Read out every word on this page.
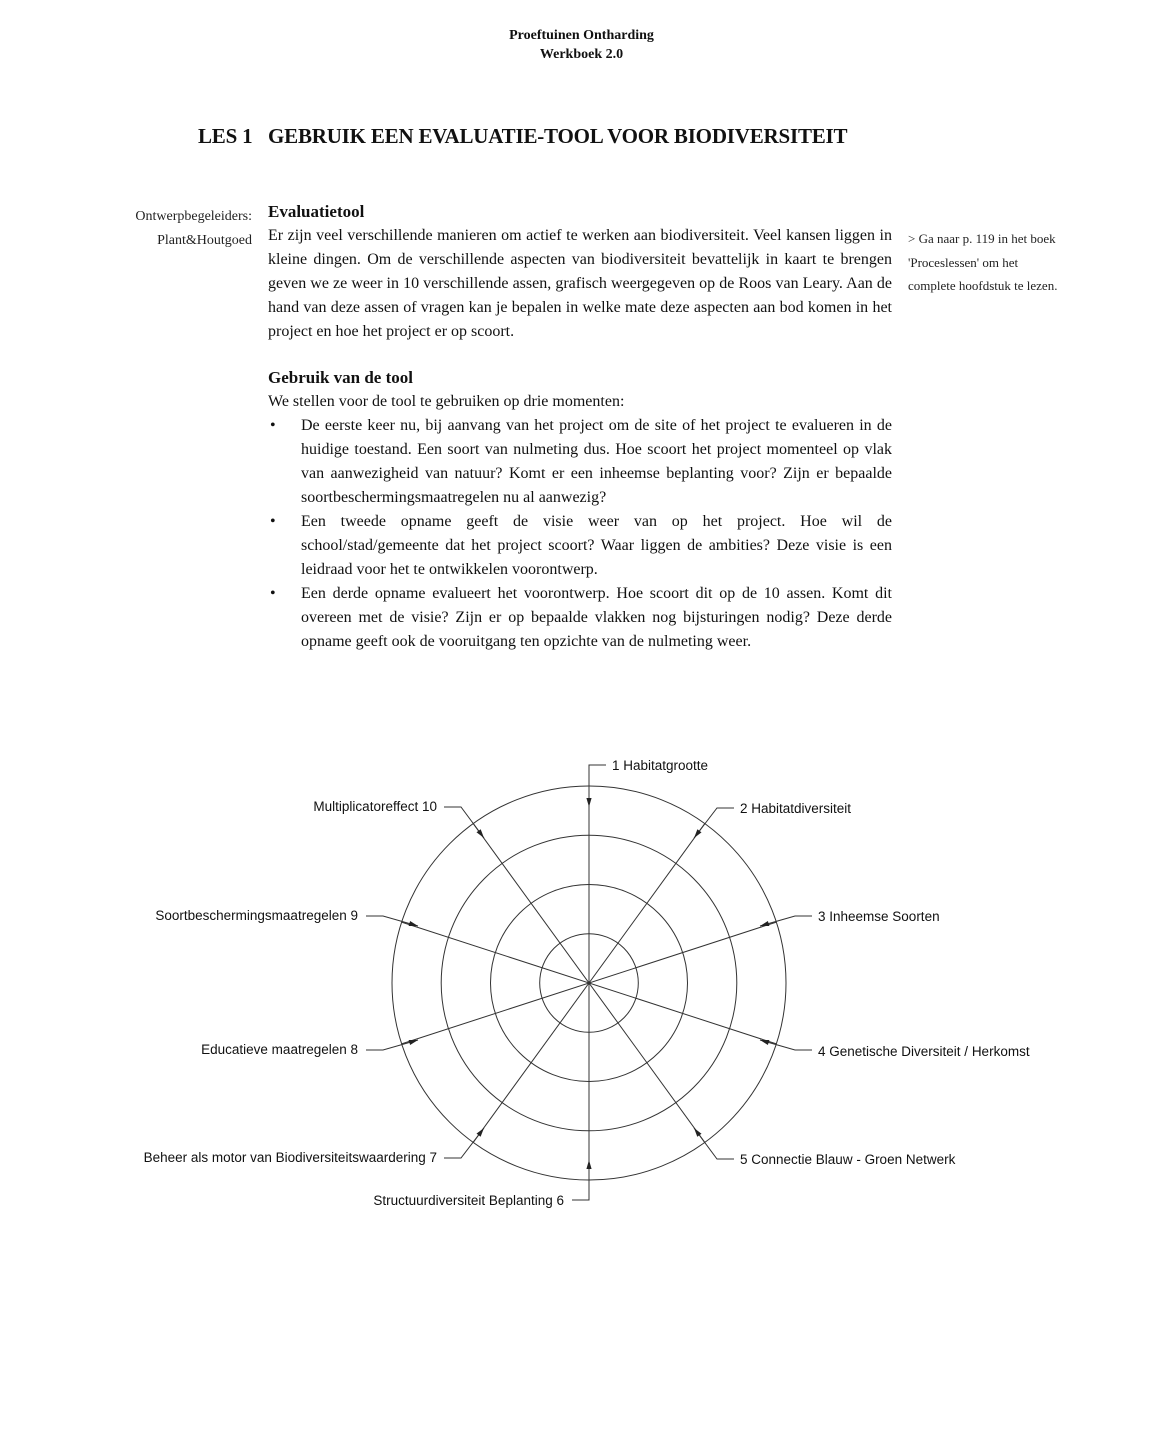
Proeftuinen Ontharding
Werkboek 2.0
LES 1 GEBRUIK EEN EVALUATIE-TOOL VOOR BIODIVERSITEIT
Ontwerpbegeleiders:
Plant&Houtgoed
Evaluatietool

Er zijn veel verschillende manieren om actief te werken aan biodiversiteit. Veel kansen liggen in kleine dingen. Om de verschillende aspecten van biodiversiteit bevattelijk in kaart te brengen geven we ze weer in 10 verschillende assen, grafisch weergegeven op de Roos van Leary. Aan de hand van deze assen of vragen kan je bepalen in welke mate deze aspecten aan bod komen in het project en hoe het project er op scoort.

Gebruik van de tool

We stellen voor de tool te gebruiken op drie momenten:

• De eerste keer nu, bij aanvang van het project om de site of het project te evalueren in de huidige toestand. Een soort van nulmeting dus. Hoe scoort het project momenteel op vlak van aanwezigheid van natuur? Komt er een inheemse beplanting voor? Zijn er bepaalde soortbeschermingsmaatregelen nu al aanwezig?
• Een tweede opname geeft de visie weer van op het project. Hoe wil de school/stad/gemeente dat het project scoort? Waar liggen de ambities? Deze visie is een leidraad voor het te ontwikkelen voorontwerp.
• Een derde opname evalueert het voorontwerp. Hoe scoort dit op de 10 assen. Komt dit overeen met de visie? Zijn er op bepaalde vlakken nog bijsturingen nodig? Deze derde opname geeft ook de vooruitgang ten opzichte van de nulmeting weer.
> Ga naar p. 119 in het boek 'Proceslessen' om het complete hoofdstuk te lezen.
1 Habitatgrootte
2 Habitatdiversiteit
3 Inheemse Soorten
4 Genetische Diversiteit / Herkomst
5 Connectie Blauw - Groen Netwerk
Structuurdiversiteit Beplanting 6
Beheer als motor van Biodiversiteitswaardering 7
Educatieve maatregelen 8
Soortbeschermingsmaatregelen 9
Multiplicatoreffect 10
